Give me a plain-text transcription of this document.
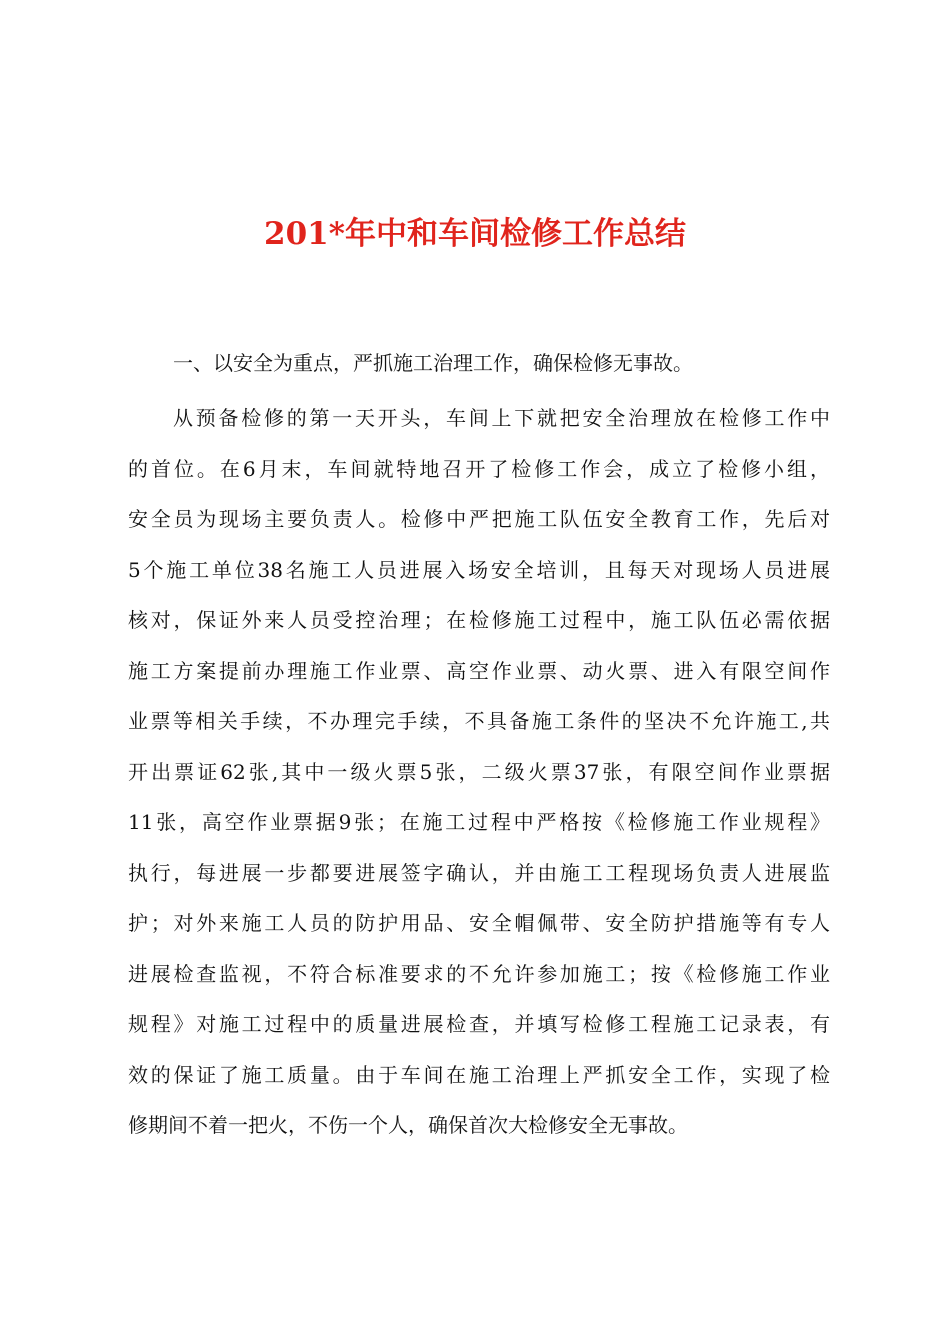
201*年中和车间检修工作总结

一、以安全为重点，严抓施工治理工作，确保检修无事故。

从预备检修的第一天开头，车间上下就把安全治理放在检修工作中
的首位。在6月末，车间就特地召开了检修工作会，成立了检修小组，
安全员为现场主要负责人。检修中严把施工队伍安全教育工作，先后对
5个施工单位38名施工人员进展入场安全培训，且每天对现场人员进展
核对，保证外来人员受控治理；在检修施工过程中，施工队伍必需依据
施工方案提前办理施工作业票、高空作业票、动火票、进入有限空间作
业票等相关手续，不办理完手续，不具备施工条件的坚决不允许施工,共
开出票证62张,其中一级火票5张，二级火票37张，有限空间作业票据
11张，高空作业票据9张；在施工过程中严格按《检修施工作业规程》
执行，每进展一步都要进展签字确认，并由施工工程现场负责人进展监
护；对外来施工人员的防护用品、安全帽佩带、安全防护措施等有专人
进展检查监视，不符合标准要求的不允许参加施工；按《检修施工作业
规程》对施工过程中的质量进展检查，并填写检修工程施工记录表，有
效的保证了施工质量。由于车间在施工治理上严抓安全工作，实现了检
修期间不着一把火，不伤一个人，确保首次大检修安全无事故。
